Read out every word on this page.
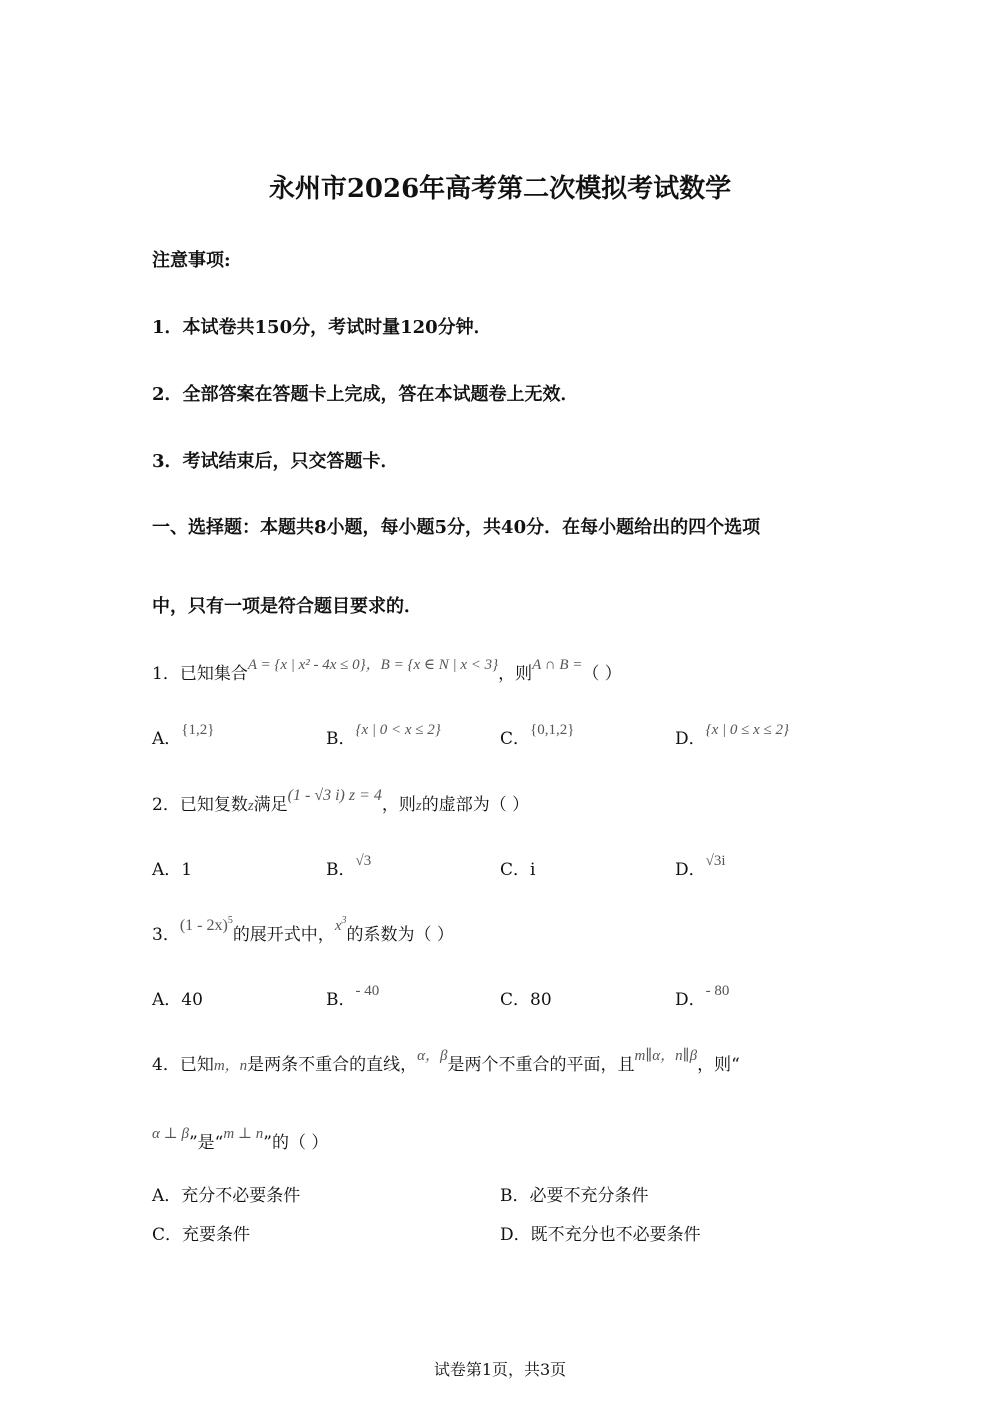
永州市2026年高考第二次模拟考试数学
注意事项:
1．本试卷共150分，考试时量120分钟．
2．全部答案在答题卡上完成，答在本试题卷上无效．
3．考试结束后，只交答题卡．
一、选择题：本题共8小题，每小题5分，共40分．在每小题给出的四个选项
中，只有一项是符合题目要求的．
1．已知集合A = {x | x² - 4x ≤ 0}，B = {x ∈ N | x < 3}，则A ∩ B =（ ）
A．{1,2}	B．{x | 0 < x ≤ 2}	C．{0,1,2}	D．{x | 0 ≤ x ≤ 2}
2．已知复数z满足(1 - √3 i) z = 4，则z的虚部为（ ）
A．1	B．√3	C．i	D．√3i
3．(1 - 2x)$^5$的展开式中，$x^3$的系数为（ ）
A．40	B．- 40	C．80	D．- 80
4．已知m，n是两条不重合的直线，α，β是两个不重合的平面，且m∥α，n∥β，则“
α ⊥ β”是“m ⊥ n”的（ ）
A．充分不必要条件	B．必要不充分条件
C．充要条件	D．既不充分也不必要条件
试卷第1页，共3页
